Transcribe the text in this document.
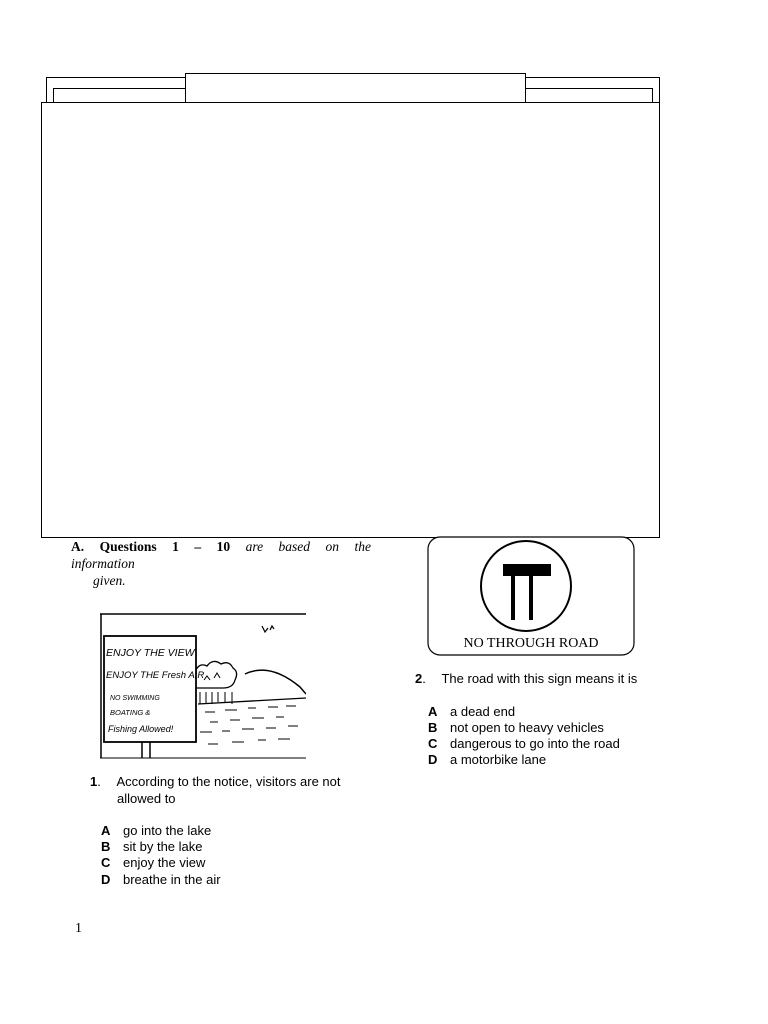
A. Questions 1 – 10 are based on the
information
given.
ENJOY THE VIEW
ENJOY THE Fresh AIR
NO SWIMMING
BOATING &
Fishing Allowed!
NO THROUGH ROAD
2. The road with this sign means it is
A a dead end
B not open to heavy vehicles
C dangerous to go into the road
D a motorbike lane
1. According to the notice, visitors are not
allowed to
A go into the lake
B sit by the lake
C enjoy the view
D breathe in the air
1
